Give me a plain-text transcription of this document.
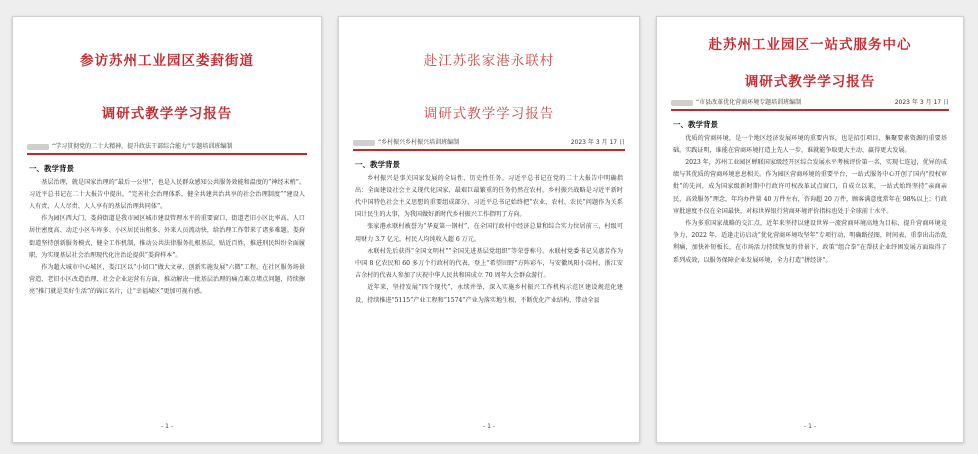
参访苏州工业园区娄葑街道
调研式教学学习报告
“学习贯彻党的二十大精神，提升政法干部综合能力”专题培训班编制
一、教学背景

基层治理，就是国家治理的“最后一公里”，也是人民群众感知公共服务效能和温度的“神经末梢”。习近平总书记在二十大报告中提出，“完善社会治理体系，健全共建共治共享的社会治理制度”“建设人人有责、人人尽责、人人享有的基层治理共同体”。

作为园区西大门，娄葑街道是我市园区城市建设管理水平的重要窗口，街道老旧小区比率高、人口居住密度高、动迁小区车库多、小区居民出租多、外来人员流动快，给治理工作带来了诸多难题。娄葑街道坚持创新服务模式，健全工作机制，推动公共法律服务扎根基层，贴近百姓，推进刑民纠纷全面履职，为实现基层社会治理现代化注治论提供“娄葑样本”。

作为超大城市中心城区，娄江区以“小切口”做大文章，创新实施发展“六微”工程，在社区服务场景营造、老旧小区改造治理、社会企业运营有方面，推动解决一批基层治理的痛点难点堵点问题，持续擦亮“推门就是美好生活”的锦江名片，让“幸福城区”更加可视有感。

- 1 -
赴江苏张家港永联村
调研式教学学习报告
“乡村振兴乡村振兴培训班编制	2023 年 3 月 17 日
一、教学背景

乡村振兴是事关国家发展的全局性、历史性任务。习近平总书记在党的二十大报告中明确指出：全面建设社会主义现代化国家，最艰巨最繁重的任务仍然在农村。乡村振兴战略是习近平新时代中国特色社会主义思想的重要组成部分，习近平总书记始终把“农业、农村、农民”问题作为关系国计民生的大事，为我国做好新时代乡村振兴工作指明了方向。

张家港永联村被誉为“华夏第一钢村”，在全国行政村中经济总量和综合实力位居前三，村级可用财力 3.7 亿元，村民人均纯收入超 6 万元。

永联村先后获得“全国文明村”“全国先进基层党组织”等荣誉称号。永联村党委书记吴惠芳作为中国 8 亿农民和 60 多万个行政村的代表，登上“希望田野”方阵彩车，与安徽凤阳小岗村、浙江安吉余村的代表人参加了庆祝中华人民共和国成立 70 周年大会群众游行。

近年来，坚持发展“四个现代”，永续并举，深入实施乡村振兴工作机构示范区建设规范化建设，持续推进“5115”产业工程和“1574”产业为落实地生根，不断优化产业结构，带动全县

- 1 -
赴苏州工业园区一站式服务中心
调研式教学学习报告
“市县改革优化营商环境专题培训班编制	2023 年 3 月 17 日
一、教学背景

优质的营商环境，是一个地区经济发展环境的重要内容，也是招引项目、集聚要素资源的重要基础。实践证明，谁能在营商环境打造上先人一步，谁就能争取更大主动、赢得更大发展。

2023 年，苏州工业园区蝉联国家级经开区综合发展水平考核评价第一名，实现七连冠，优异的成绩与其优质的营商环境息息相关。作为园区营商环境的重要平台，一站式服务中心开创了国内“投权审批”的先河，成为国家级新时期中行政许可权改革试点窗口，自成立以来，一站式始终坚持“亲商亲民、高效服务”理念，年均办件量 40 万件左右，咨询超 20 万件，顾客满意度常年在 98%以上；行政审批速度不仅在全国最快，对标世界银行营商环境评价指标也处于全球前十水平。

作为多重国家战略的交汇点，近年来坚持以建设世界一流营商环境高地为目标，提升营商环境竞争力，2022 年，适逢走访启动“优化营商环境攻坚年”专项行动，明确路径图，时间表，重拳出击治乱利痛，加快补短板长，在市场活力持续恢复的背景下，政策“组合拳”在帮扶企业纾困发展方面取得了系列成效，以服务保障企业发展环境，全力打造“拼经济”。

- 1 -
